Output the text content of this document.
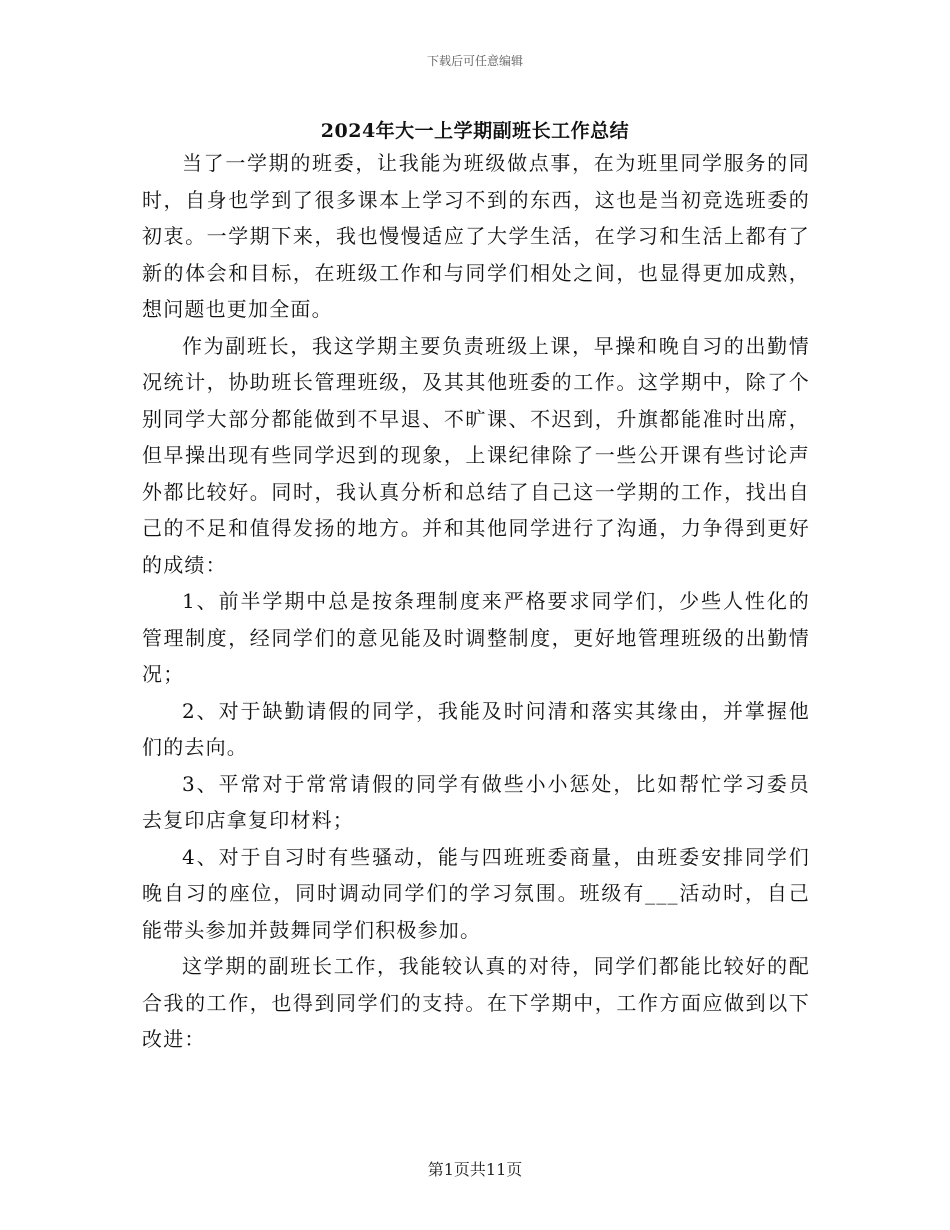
下载后可任意编辑
2024年大一上学期副班长工作总结

当了一学期的班委，让我能为班级做点事，在为班里同学服务的同时，自身也学到了很多课本上学习不到的东西，这也是当初竞选班委的初衷。一学期下来，我也慢慢适应了大学生活，在学习和生活上都有了新的体会和目标，在班级工作和与同学们相处之间，也显得更加成熟，想问题也更加全面。

作为副班长，我这学期主要负责班级上课，早操和晚自习的出勤情况统计，协助班长管理班级，及其其他班委的工作。这学期中，除了个别同学大部分都能做到不早退、不旷课、不迟到，升旗都能准时出席，但早操出现有些同学迟到的现象，上课纪律除了一些公开课有些讨论声外都比较好。同时，我认真分析和总结了自己这一学期的工作，找出自己的不足和值得发扬的地方。并和其他同学进行了沟通，力争得到更好的成绩：

1、前半学期中总是按条理制度来严格要求同学们，少些人性化的管理制度，经同学们的意见能及时调整制度，更好地管理班级的出勤情况；

2、对于缺勤请假的同学，我能及时问清和落实其缘由，并掌握他们的去向。

3、平常对于常常请假的同学有做些小小惩处，比如帮忙学习委员去复印店拿复印材料；

4、对于自习时有些骚动，能与四班班委商量，由班委安排同学们晚自习的座位，同时调动同学们的学习氛围。班级有___活动时，自己能带头参加并鼓舞同学们积极参加。

这学期的副班长工作，我能较认真的对待，同学们都能比较好的配合我的工作，也得到同学们的支持。在下学期中，工作方面应做到以下改进：

第1页共11页
